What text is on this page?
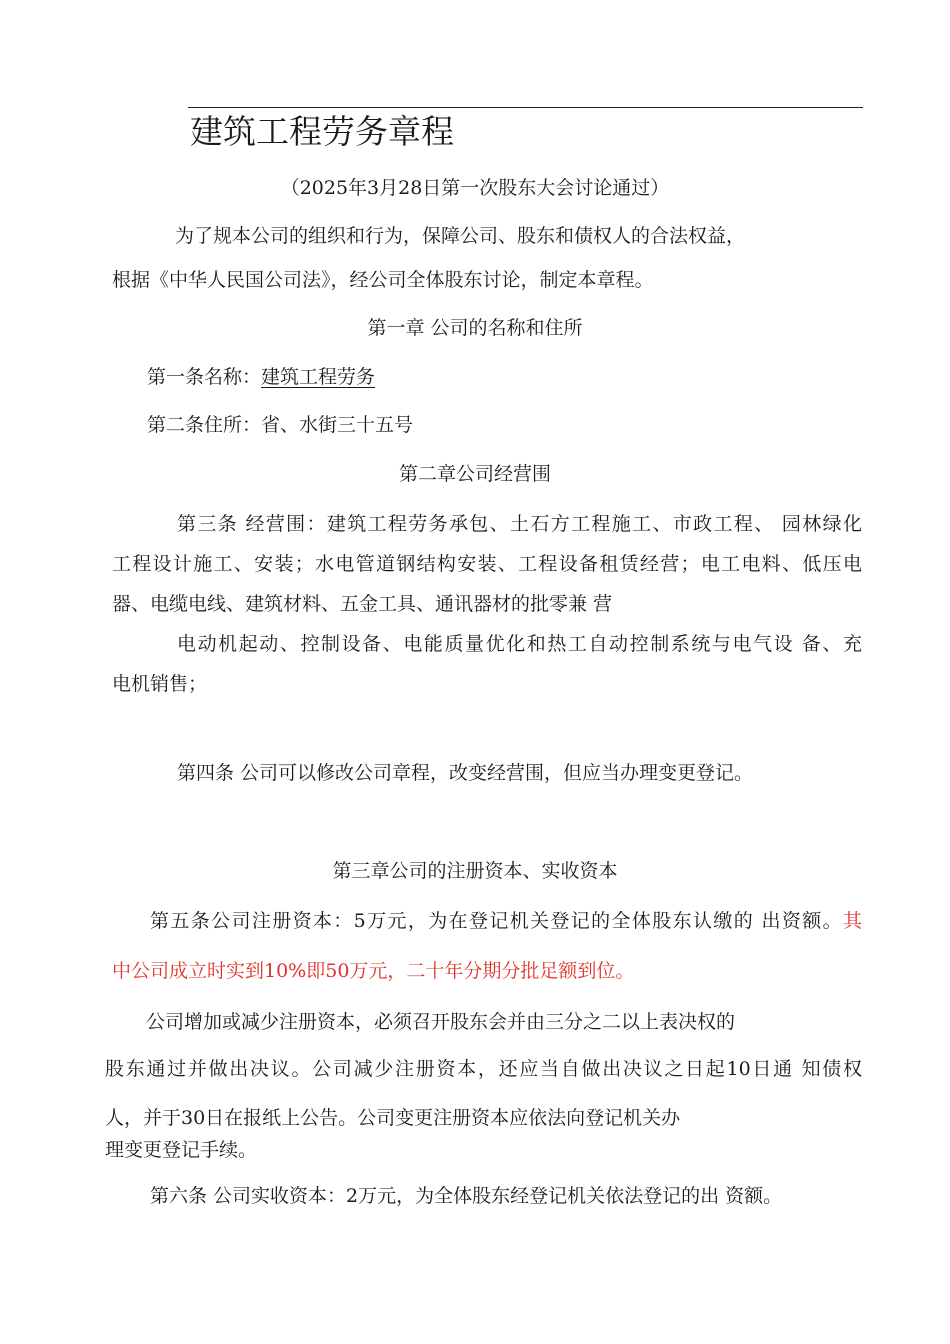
建筑工程劳务章程
（2025年3月28日第一次股东大会讨论通过）
为了规本公司的组织和行为，保障公司、股东和债权人的合法权益，
根据《中华人民国公司法》，经公司全体股东讨论，制定本章程。
第一章 公司的名称和住所
第一条名称：建筑工程劳务
第二条住所：省、水街三十五号
第二章公司经营围
第三条 经营围：建筑工程劳务承包、土石方工程施工、市政工程、 园林绿化
工程设计施工、安装；水电管道钢结构安装、工程设备租赁经营；电工电料、低压电
器、电缆电线、建筑材料、五金工具、通讯器材的批零兼 营
电动机起动、控制设备、电能质量优化和热工自动控制系统与电气设 备、充
电机销售；
第四条 公司可以修改公司章程，改变经营围，但应当办理变更登记。
第三章公司的注册资本、实收资本
第五条公司注册资本：5万元，为在登记机关登记的全体股东认缴的 出资额。其
中公司成立时实到10%即50万元，二十年分期分批足额到位。
公司增加或减少注册资本，必须召开股东会并由三分之二以上表决权的
股东通过并做出决议。公司减少注册资本，还应当自做出决议之日起10日通 知债权
人，并于30日在报纸上公告。公司变更注册资本应依法向登记机关办
理变更登记手续。
第六条 公司实收资本：2万元，为全体股东经登记机关依法登记的出 资额。
